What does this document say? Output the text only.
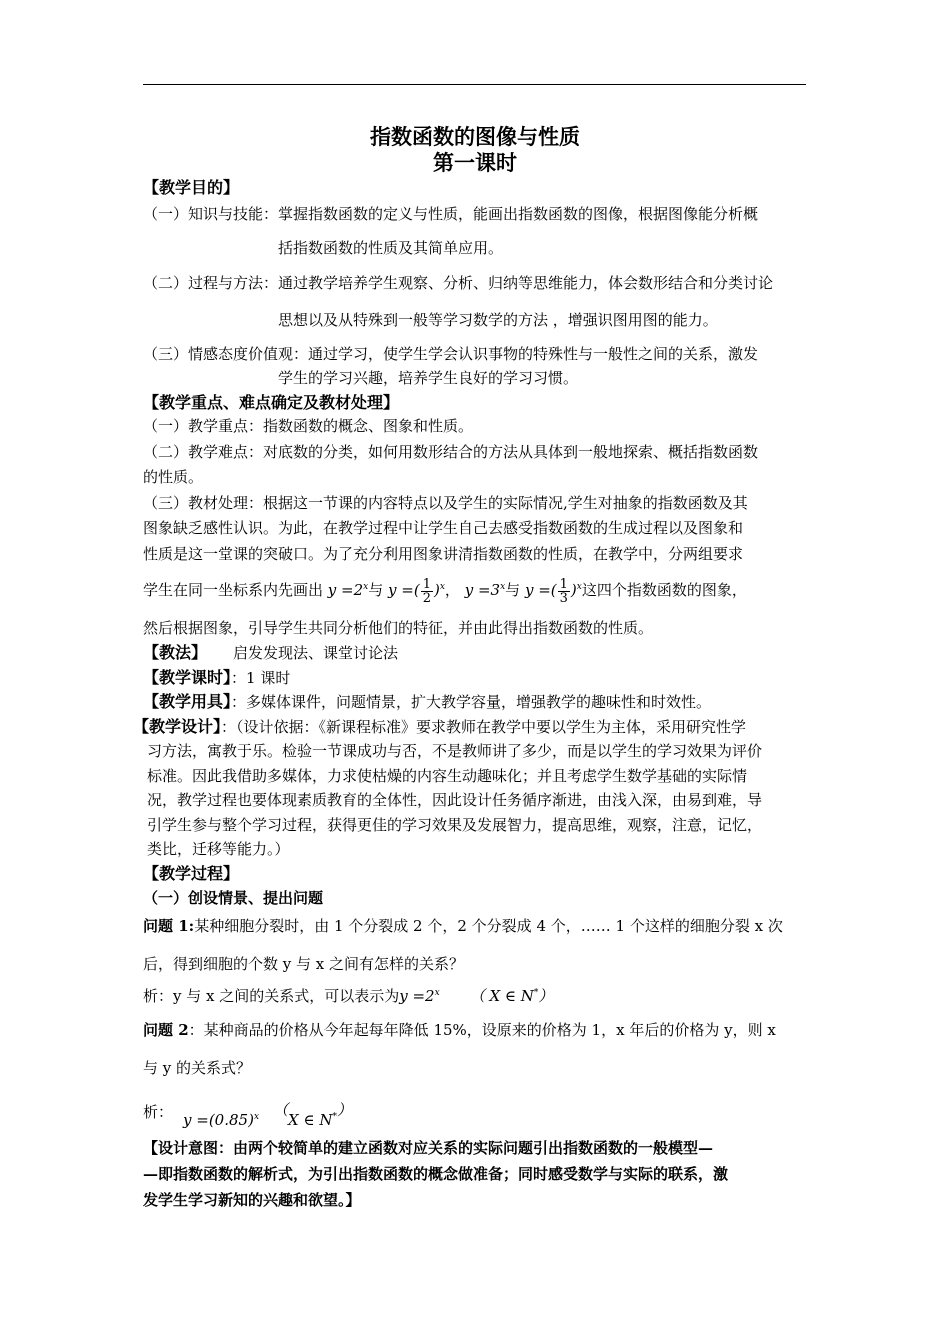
指数函数的图像与性质
第一课时
【教学目的】
（一）知识与技能：掌握指数函数的定义与性质，能画出指数函数的图像，根据图像能分析概
括指数函数的性质及其简单应用。
（二）过程与方法：通过教学培养学生观察、分析、归纳等思维能力，体会数形结合和分类讨论
思想以及从特殊到一般等学习数学的方法 ，增强识图用图的能力。
（三）情感态度价值观：通过学习，使学生学会认识事物的特殊性与一般性之间的关系，激发
学生的学习兴趣，培养学生良好的学习习惯。
【教学重点、难点确定及教材处理】
（一）教学重点：指数函数的概念、图象和性质。
（二）教学难点：对底数的分类，如何用数形结合的方法从具体到一般地探索、概括指数函数
的性质。
（三）教材处理：根据这一节课的内容特点以及学生的实际情况,学生对抽象的指数函数及其
图象缺乏感性认识。为此，在教学过程中让学生自己去感受指数函数的生成过程以及图象和
性质是这一堂课的突破口。为了充分利用图象讲清指数函数的性质，在教学中，分两组要求
学生在同一坐标系内先画出 $y =2^x$与 y =( $\frac{1}{2} )^x$， $y =3^x$与 y =( $\frac{1}{3} )^x$这四个指数函数的图象，
然后根据图象，引导学生共同分析他们的特征，并由此得出指数函数的性质。
【教法】 启发发现法、课堂讨论法
【教学课时】：1 课时
【教学用具】：多媒体课件，问题情景，扩大教学容量，增强教学的趣味性和时效性。
【教学设计】：（设计依据：《新课程标准》要求教师在教学中要以学生为主体，采用研究性学
习方法，寓教于乐。检验一节课成功与否，不是教师讲了多少，而是以学生的学习效果为评价
标准。因此我借助多媒体，力求使枯燥的内容生动趣味化；并且考虑学生数学基础的实际情
况，教学过程也要体现素质教育的全体性，因此设计任务循序渐进，由浅入深，由易到难，导
引学生参与整个学习过程，获得更佳的学习效果及发展智力，提高思维，观察，注意，记忆，
类比，迁移等能力。）
【教学过程】
（一）创设情景、提出问题
问题 1:某种细胞分裂时，由 1 个分裂成 2 个，2 个分裂成 4 个，…… 1 个这样的细胞分裂 x 次
后，得到细胞的个数 y 与 x 之间有怎样的关系？
析：y 与 x 之间的关系式，可以表示为$y =2^x$ （ X ∈ N*）
问题 2：某种商品的价格从今年起每年降低 15%，设原来的价格为 1，x 年后的价格为 y，则 x
与 y 的关系式？
析： $y =(0.85)^x$ （X ∈ N*）
【设计意图：由两个较简单的建立函数对应关系的实际问题引出指数函数的一般模型—
—即指数函数的解析式，为引出指数函数的概念做准备；同时感受数学与实际的联系，激
发学生学习新知的兴趣和欲望。】
